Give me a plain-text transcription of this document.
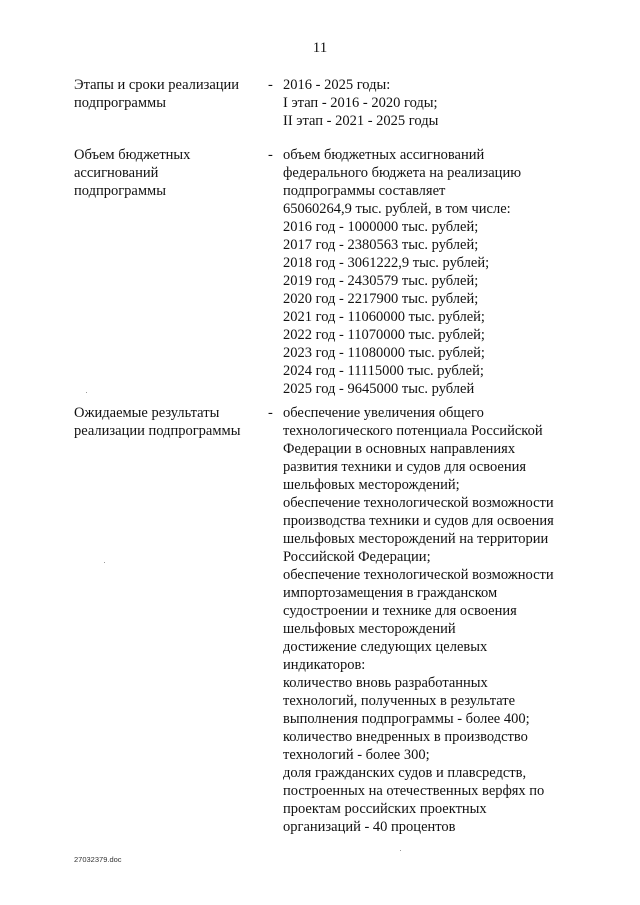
11
Этапы и сроки реализации
подпрограммы
- 2016 - 2025 годы:
I этап - 2016 - 2020 годы;
II этап - 2021 - 2025 годы
Объем бюджетных
ассигнований
подпрограммы
- объем бюджетных ассигнований
федерального бюджета на реализацию
подпрограммы составляет
65060264,9 тыс. рублей, в том числе:
2016 год - 1000000 тыс. рублей;
2017 год - 2380563 тыс. рублей;
2018 год - 3061222,9 тыс. рублей;
2019 год - 2430579 тыс. рублей;
2020 год - 2217900 тыс. рублей;
2021 год - 11060000 тыс. рублей;
2022 год - 11070000 тыс. рублей;
2023 год - 11080000 тыс. рублей;
2024 год - 11115000 тыс. рублей;
2025 год - 9645000 тыс. рублей
Ожидаемые результаты
реализации подпрограммы
- обеспечение увеличения общего
технологического потенциала Российской
Федерации в основных направлениях
развития техники и судов для освоения
шельфовых месторождений;
обеспечение технологической возможности
производства техники и судов для освоения
шельфовых месторождений на территории
Российской Федерации;
обеспечение технологической возможности
импортозамещения в гражданском
судостроении и технике для освоения
шельфовых месторождений
достижение следующих целевых
индикаторов:
количество вновь разработанных
технологий, полученных в результате
выполнения подпрограммы - более 400;
количество внедренных в производство
технологий - более 300;
доля гражданских судов и плавсредств,
построенных на отечественных верфях по
проектам российских проектных
организаций - 40 процентов
27032379.doc
